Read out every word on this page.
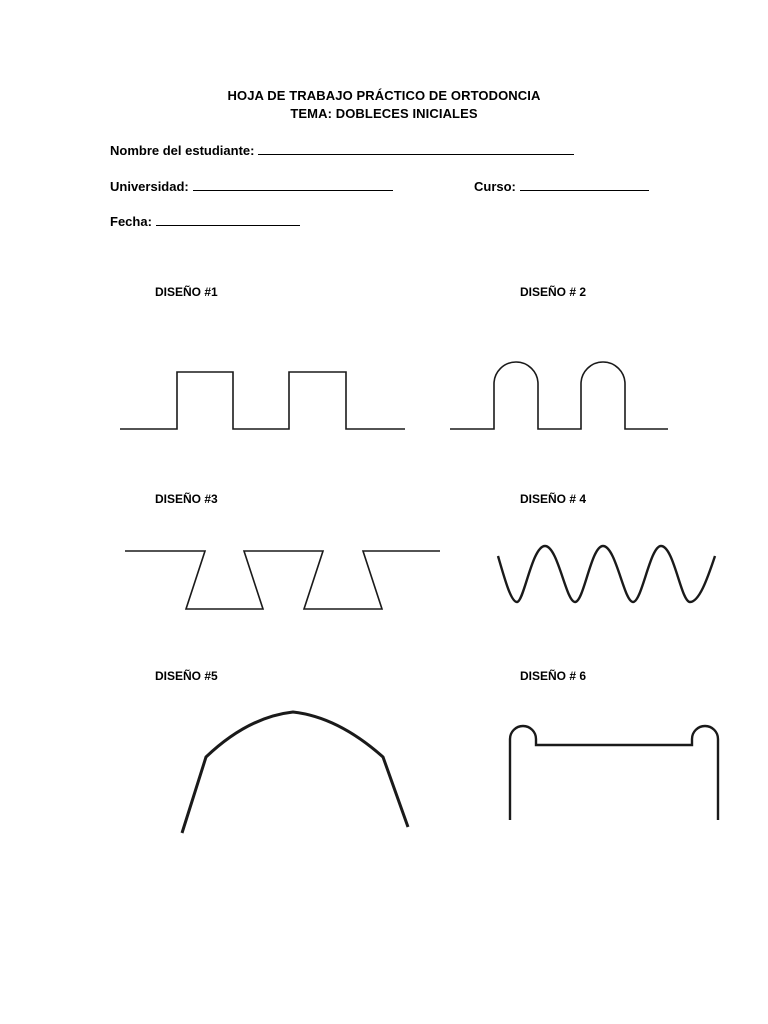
HOJA DE TRABAJO PRÁCTICO DE ORTODONCIA
TEMA: DOBLECES INICIALES
Nombre del estudiante:
Universidad:	Curso:
Fecha:
DISEÑO #1	DISEÑO # 2
DISEÑO #3	DISEÑO # 4
DISEÑO #5	DISEÑO # 6
